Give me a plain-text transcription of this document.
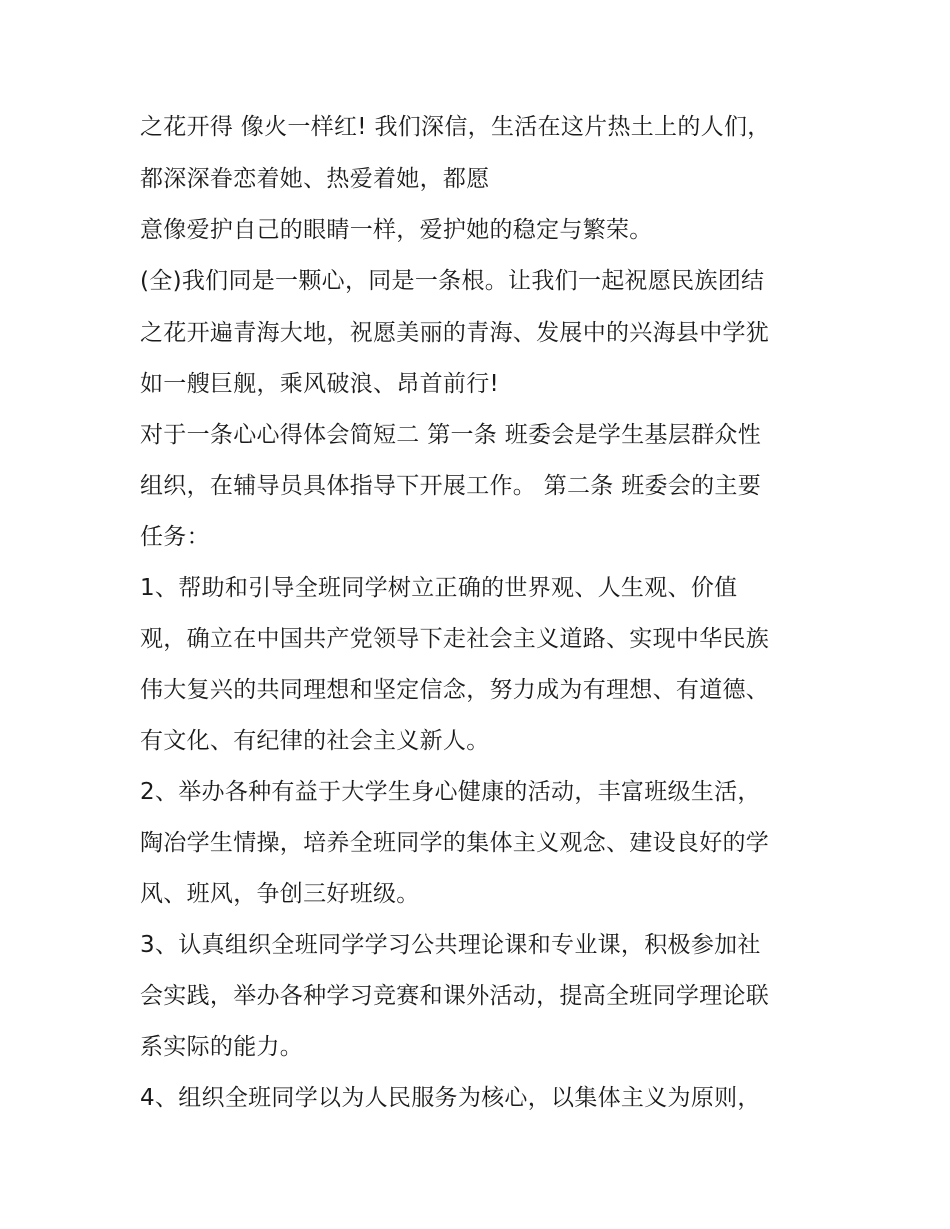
之花开得 像火一样红! 我们深信，生活在这片热土上的人们，

都深深眷恋着她、热爱着她，都愿

意像爱护自己的眼睛一样，爱护她的稳定与繁荣。

(全)我们同是一颗心，同是一条根。让我们一起祝愿民族团结

之花开遍青海大地，祝愿美丽的青海、发展中的兴海县中学犹

如一艘巨舰，乘风破浪、昂首前行!

对于一条心心得体会简短二 第一条 班委会是学生基层群众性

组织，在辅导员具体指导下开展工作。 第二条 班委会的主要

任务：

1、帮助和引导全班同学树立正确的世界观、人生观、价值

观，确立在中国共产党领导下走社会主义道路、实现中华民族

伟大复兴的共同理想和坚定信念，努力成为有理想、有道德、

有文化、有纪律的社会主义新人。

2、举办各种有益于大学生身心健康的活动，丰富班级生活，

陶冶学生情操，培养全班同学的集体主义观念、建设良好的学

风、班风，争创三好班级。

3、认真组织全班同学学习公共理论课和专业课，积极参加社

会实践，举办各种学习竞赛和课外活动，提高全班同学理论联

系实际的能力。

4、组织全班同学以为人民服务为核心，以集体主义为原则，
